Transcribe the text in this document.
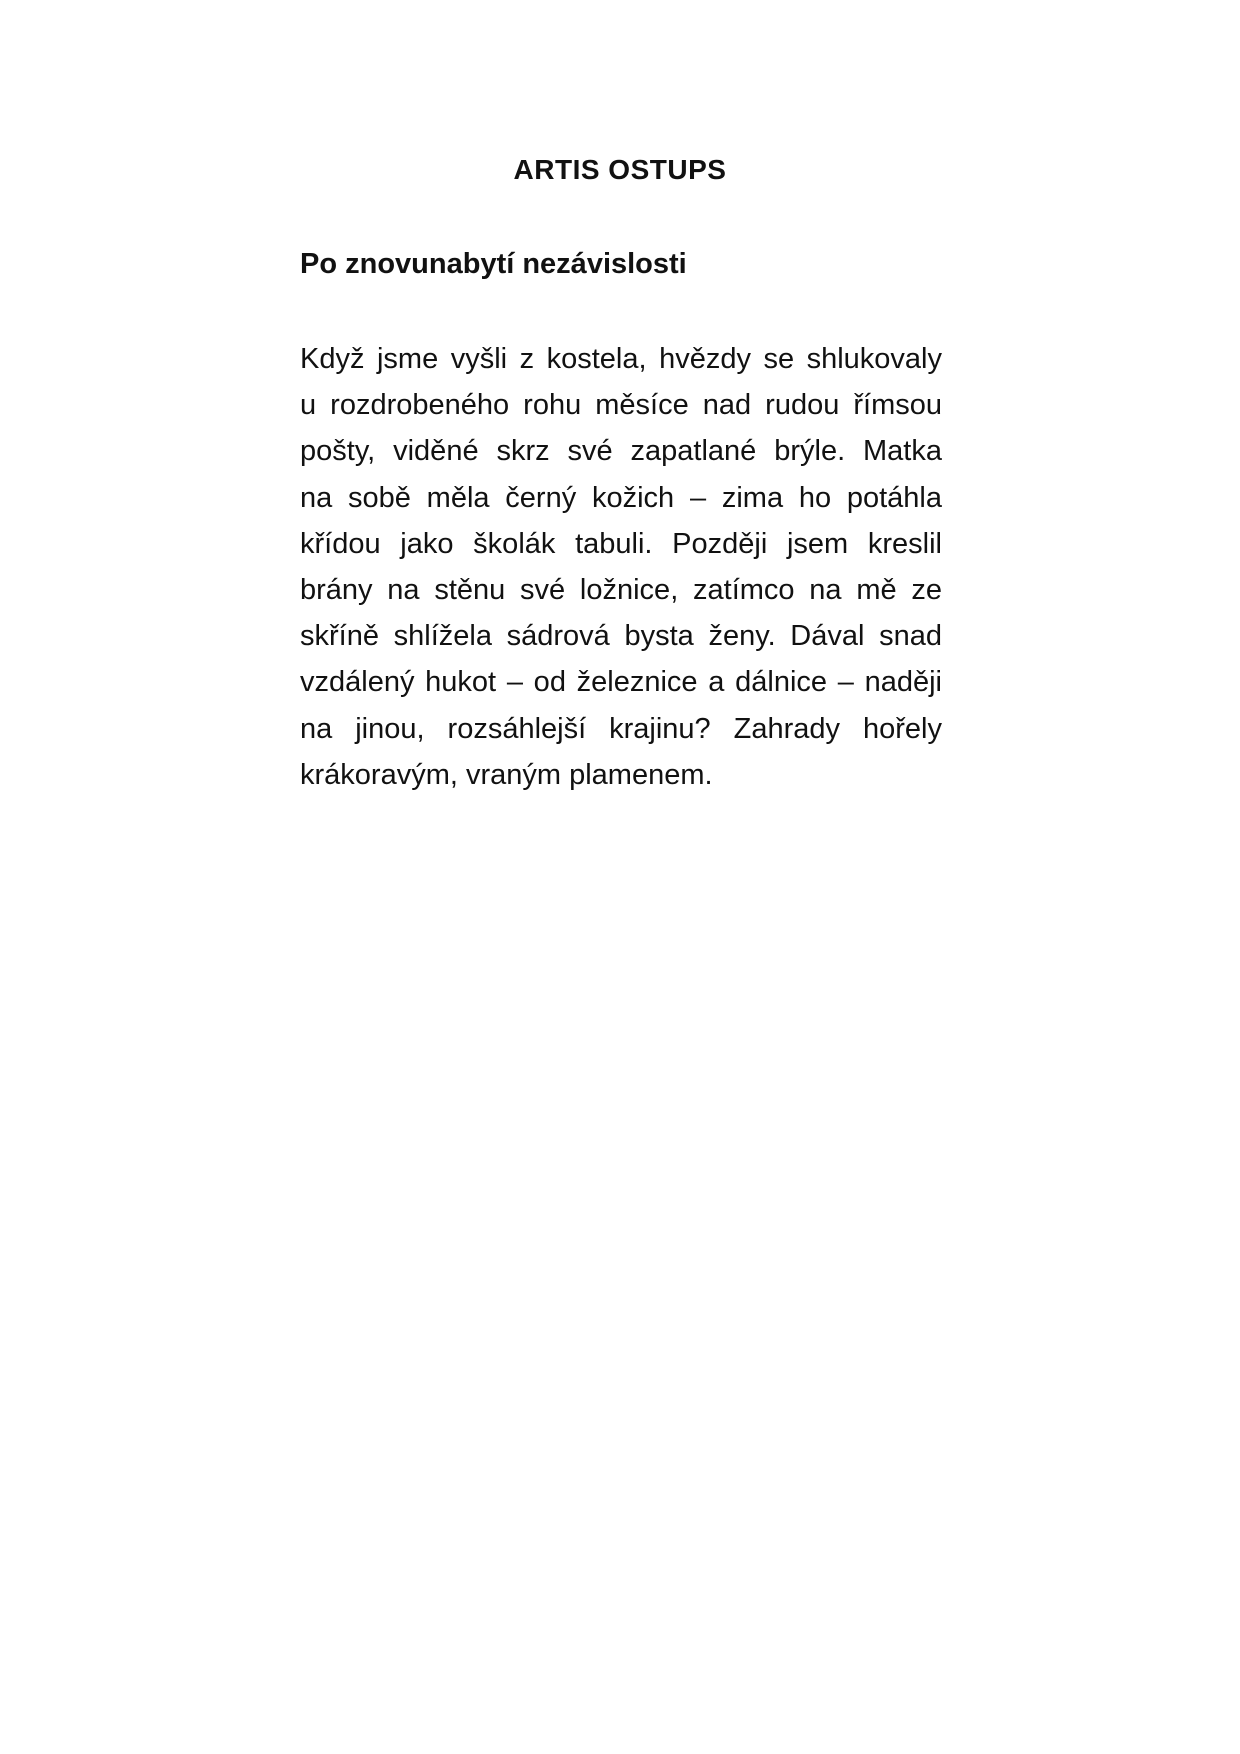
ARTIS OSTUPS
Po znovunabytí nezávislosti
Když jsme vyšli z kostela, hvězdy se shlukovaly
u rozdrobeného rohu měsíce nad rudou římsou
pošty, viděné skrz své zapatlané brýle. Matka
na sobě měla černý kožich – zima ho potáhla
křídou jako školák tabuli. Později jsem kreslil
brány na stěnu své ložnice, zatímco na mě ze
skříně shlížela sádrová bysta ženy. Dával snad
vzdálený hukot – od železnice a dálnice – naději
na jinou, rozsáhlejší krajinu? Zahrady hořely
krákoravým, vraným plamenem.
